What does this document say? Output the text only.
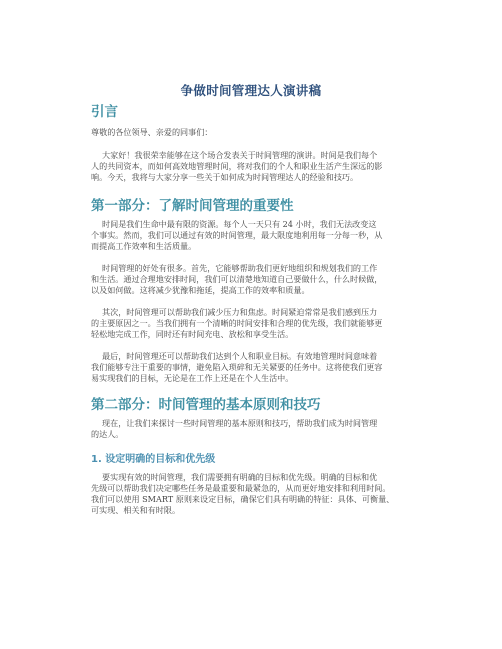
争做时间管理达人演讲稿
引言
尊敬的各位领导、亲爱的同事们：
大家好！我很荣幸能够在这个场合发表关于时间管理的演讲。时间是我们每个
人的共同资本，而如何高效地管理时间，将对我们的个人和职业生活产生深远的影
响。今天，我将与大家分享一些关于如何成为时间管理达人的经验和技巧。
第一部分：了解时间管理的重要性
时间是我们生命中最有限的资源。每个人一天只有 24 小时，我们无法改变这
个事实。然而，我们可以通过有效的时间管理，最大限度地利用每一分每一秒，从
而提高工作效率和生活质量。
时间管理的好处有很多。首先，它能够帮助我们更好地组织和规划我们的工作
和生活。通过合理地安排时间，我们可以清楚地知道自己要做什么，什么时候做，
以及如何做。这将减少犹豫和拖延，提高工作的效率和质量。
其次，时间管理可以帮助我们减少压力和焦虑。时间紧迫常常是我们感到压力
的主要原因之一。当我们拥有一个清晰的时间安排和合理的优先级，我们就能够更
轻松地完成工作，同时还有时间充电、放松和享受生活。
最后，时间管理还可以帮助我们达到个人和职业目标。有效地管理时间意味着
我们能够专注于重要的事情，避免陷入琐碎和无关紧要的任务中。这将使我们更容
易实现我们的目标，无论是在工作上还是在个人生活中。
第二部分：时间管理的基本原则和技巧
现在，让我们来探讨一些时间管理的基本原则和技巧，帮助我们成为时间管理
的达人。
1. 设定明确的目标和优先级
要实现有效的时间管理，我们需要拥有明确的目标和优先级。明确的目标和优
先级可以帮助我们决定哪些任务是最重要和最紧急的，从而更好地安排和利用时间。
我们可以使用 SMART 原则来设定目标，确保它们具有明确的特征：具体、可衡量、
可实现、相关和有时限。
